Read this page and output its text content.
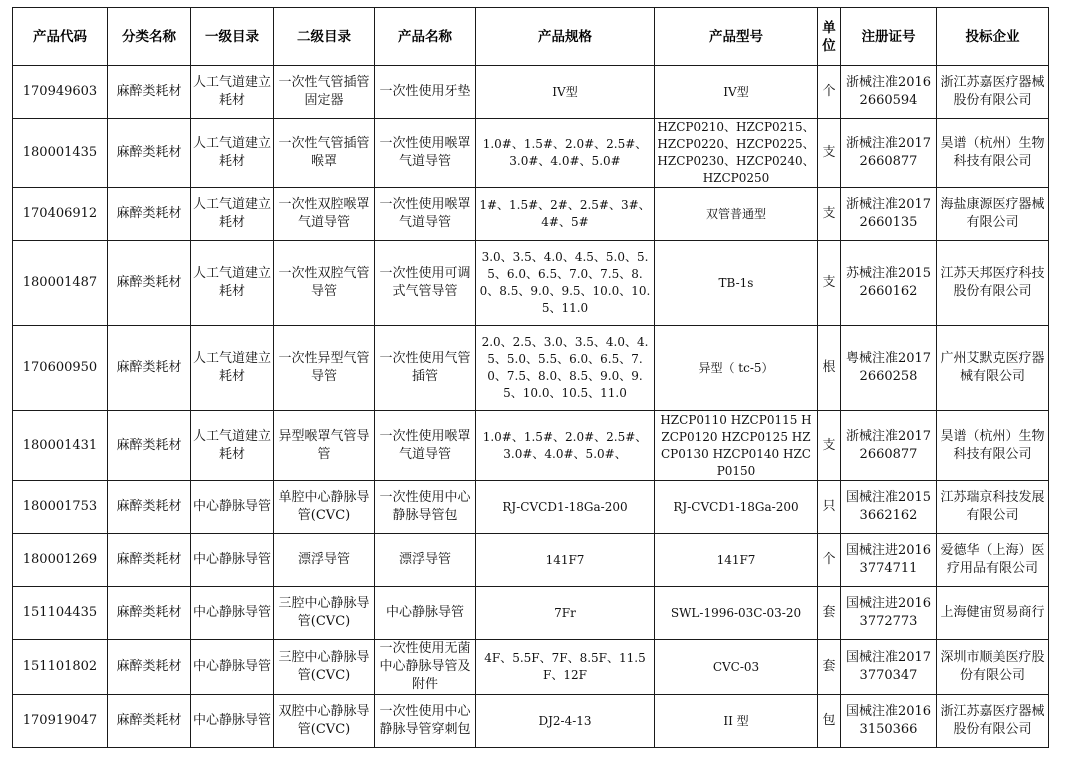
产品代码	分类名称	一级目录	二级目录	产品名称	产品规格	产品型号	单位	注册证号	投标企业
170949603	麻醉类耗材	人工气道建立耗材	一次性气管插管固定器	一次性使用牙垫	IV型	IV型	个	浙械注准20162660594	浙江苏嘉医疗器械股份有限公司
180001435	麻醉类耗材	人工气道建立耗材	一次性气管插管喉罩	一次性使用喉罩气道导管	1.0#、1.5#、2.0#、2.5#、3.0#、4.0#、5.0#	HZCP0210、HZCP0215、HZCP0220、HZCP0225、HZCP0230、HZCP0240、HZCP0250	支	浙械注准20172660877	昊谱（杭州）生物科技有限公司
170406912	麻醉类耗材	人工气道建立耗材	一次性双腔喉罩气道导管	一次性使用喉罩气道导管	1#、1.5#、2#、2.5#、3#、4#、5#	双管普通型	支	浙械注准20172660135	海盐康源医疗器械有限公司
180001487	麻醉类耗材	人工气道建立耗材	一次性双腔气管导管	一次性使用可调式气管导管	3.0、3.5、4.0、4.5、5.0、5.5、6.0、6.5、7.0、7.5、8.0、8.5、9.0、9.5、10.0、10.5、11.0	TB-1s	支	苏械注准20152660162	江苏天邦医疗科技股份有限公司
170600950	麻醉类耗材	人工气道建立耗材	一次性异型气管导管	一次性使用气管插管	2.0、2.5、3.0、3.5、4.0、4.5、5.0、5.5、6.0、6.5、7.0、7.5、8.0、8.5、9.0、9.5、10.0、10.5、11.0	异型（ tc-5）	根	粤械注准20172660258	广州艾默克医疗器械有限公司
180001431	麻醉类耗材	人工气道建立耗材	异型喉罩气管导管	一次性使用喉罩气道导管	1.0#、1.5#、2.0#、2.5#、3.0#、4.0#、5.0#、	HZCP0110 HZCP0115 HZCP0120 HZCP0125 HZCP0130 HZCP0140 HZCP0150	支	浙械注准20172660877	昊谱（杭州）生物科技有限公司
180001753	麻醉类耗材	中心静脉导管	单腔中心静脉导管(CVC)	一次性使用中心静脉导管包	RJ-CVCD1-18Ga-200	RJ-CVCD1-18Ga-200	只	国械注准20153662162	江苏瑞京科技发展有限公司
180001269	麻醉类耗材	中心静脉导管	漂浮导管	漂浮导管	141F7	141F7	个	国械注进20163774711	爱德华（上海）医疗用品有限公司
151104435	麻醉类耗材	中心静脉导管	三腔中心静脉导管(CVC)	中心静脉导管	7Fr	SWL-1996-03C-03-20	套	国械注进20163772773	上海健宙贸易商行
151101802	麻醉类耗材	中心静脉导管	三腔中心静脉导管(CVC)	一次性使用无菌中心静脉导管及附件	4F、5.5F、7F、8.5F、11.5F、12F	CVC-03	套	国械注准20173770347	深圳市顺美医疗股份有限公司
170919047	麻醉类耗材	中心静脉导管	双腔中心静脉导管(CVC)	一次性使用中心静脉导管穿刺包	DJ2-4-13	II 型	包	国械注准20163150366	浙江苏嘉医疗器械股份有限公司
